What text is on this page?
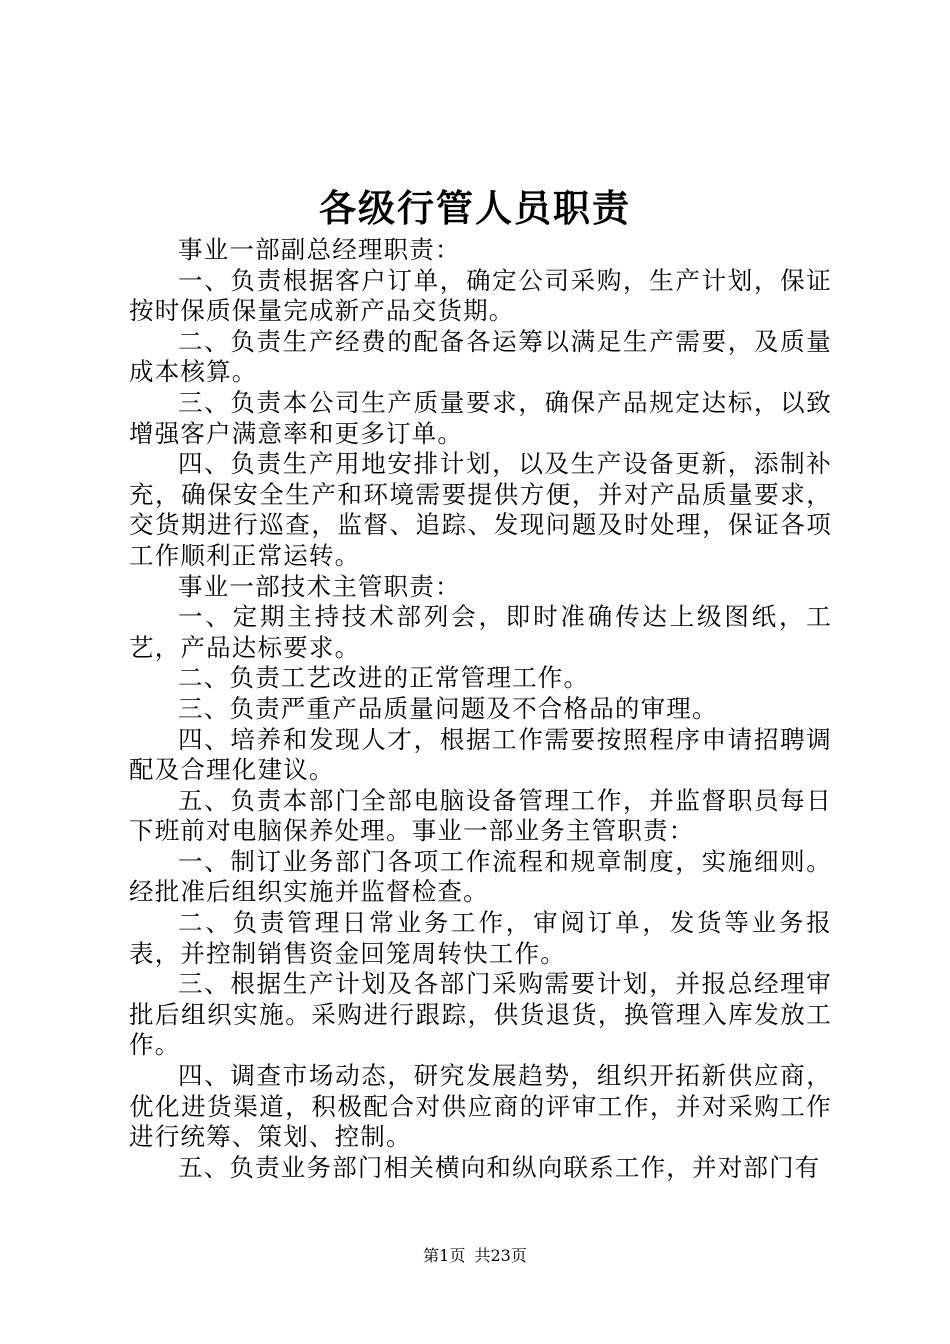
各级行管人员职责

事业一部副总经理职责：

一、负责根据客户订单，确定公司采购，生产计划，保证按时保质保量完成新产品交货期。

二、负责生产经费的配备各运筹以满足生产需要，及质量成本核算。

三、负责本公司生产质量要求，确保产品规定达标，以致增强客户满意率和更多订单。

四、负责生产用地安排计划，以及生产设备更新，添制补充，确保安全生产和环境需要提供方便，并对产品质量要求，交货期进行巡查，监督、追踪、发现问题及时处理，保证各项工作顺利正常运转。

事业一部技术主管职责：

一、定期主持技术部列会，即时准确传达上级图纸，工艺，产品达标要求。

二、负责工艺改进的正常管理工作。

三、负责严重产品质量问题及不合格品的审理。

四、培养和发现人才，根据工作需要按照程序申请招聘调配及合理化建议。

五、负责本部门全部电脑设备管理工作，并监督职员每日下班前对电脑保养处理。事业一部业务主管职责：

一、制订业务部门各项工作流程和规章制度，实施细则。经批准后组织实施并监督检查。

二、负责管理日常业务工作，审阅订单，发货等业务报表，并控制销售资金回笼周转快工作。

三、根据生产计划及各部门采购需要计划，并报总经理审批后组织实施。采购进行跟踪，供货退货，换管理入库发放工作。

四、调查市场动态，研究发展趋势，组织开拓新供应商，优化进货渠道，积极配合对供应商的评审工作，并对采购工作进行统筹、策划、控制。

五、负责业务部门相关横向和纵向联系工作，并对部门有

第1页 共23页
